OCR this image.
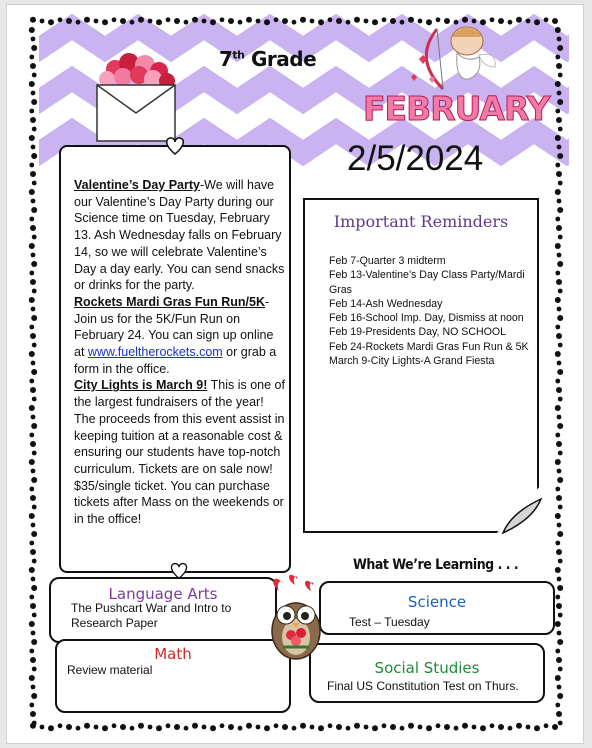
7th Grade
FEBRUARY
2/5/2024

Valentine’s Day Party-We will have our Valentine’s Day Party during our Science time on Tuesday, February 13. Ash Wednesday falls on February 14, so we will celebrate Valentine’s Day a day early. You can send snacks or drinks for the party.

Rockets Mardi Gras Fun Run/5K-Join us for the 5K/Fun Run on February 24. You can sign up online at www.fueltherockets.com or grab a form in the office.

City Lights is March 9! This is one of the largest fundraisers of the year! The proceeds from this event assist in keeping tuition at a reasonable cost & ensuring our students have top-notch curriculum. Tickets are on sale now! $35/single ticket. You can purchase tickets after Mass on the weekends or in the office!

Important Reminders
Feb 7-Quarter 3 midterm
Feb 13-Valentine’s Day Class Party/Mardi Gras
Feb 14-Ash Wednesday
Feb 16-School Imp. Day, Dismiss at noon
Feb 19-Presidents Day, NO SCHOOL
Feb 24-Rockets Mardi Gras Fun Run & 5K
March 9-City Lights-A Grand Fiesta
What We’re Learning . . .
Language Arts
The Pushcart War and Intro to Research Paper
Math
Review material
Science
Test – Tuesday
Social Studies
Final US Constitution Test on Thurs.
